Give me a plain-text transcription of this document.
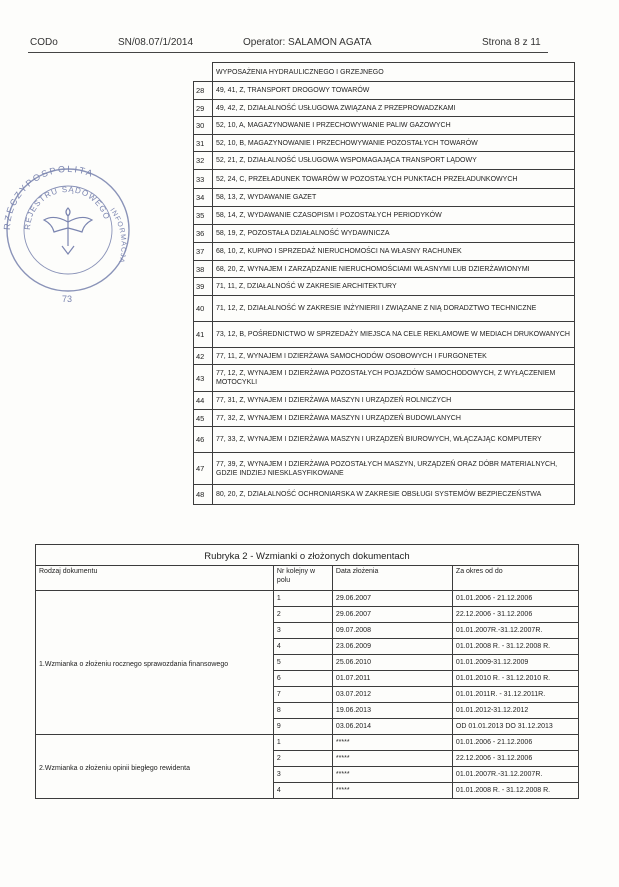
CODo	SN/08.07/1/2014	Operator: SALAMON AGATA	Strona 8 z 11
RZECZYPOSPOLITA
REJESTRU SĄDOWEGO
INFORMACJA
73
	WYPOSAŻENIA HYDRAULICZNEGO I GRZEJNEGO
28	49, 41, Z, TRANSPORT DROGOWY TOWARÓW
29	49, 42, Z, DZIAŁALNOŚĆ USŁUGOWA ZWIĄZANA Z PRZEPROWADZKAMI
30	52, 10, A, MAGAZYNOWANIE I PRZECHOWYWANIE PALIW GAZOWYCH
31	52, 10, B, MAGAZYNOWANIE I PRZECHOWYWANIE POZOSTAŁYCH TOWARÓW
32	52, 21, Z, DZIAŁALNOŚĆ USŁUGOWA WSPOMAGAJĄCA TRANSPORT LĄDOWY
33	52, 24, C, PRZEŁADUNEK TOWARÓW W POZOSTAŁYCH PUNKTACH PRZEŁADUNKOWYCH
34	58, 13, Z, WYDAWANIE GAZET
35	58, 14, Z, WYDAWANIE CZASOPISM I POZOSTAŁYCH PERIODYKÓW
36	58, 19, Z, POZOSTAŁA DZIAŁALNOŚĆ WYDAWNICZA
37	68, 10, Z, KUPNO I SPRZEDAŻ NIERUCHOMOŚCI NA WŁASNY RACHUNEK
38	68, 20, Z, WYNAJEM I ZARZĄDZANIE NIERUCHOMOŚCIAMI WŁASNYMI LUB DZIERŻAWIONYMI
39	71, 11, Z, DZIAŁALNOŚĆ W ZAKRESIE ARCHITEKTURY
40	71, 12, Z, DZIAŁALNOŚĆ W ZAKRESIE INŻYNIERII I ZWIĄZANE Z NIĄ DORADZTWO TECHNICZNE
41	73, 12, B, POŚREDNICTWO W SPRZEDAŻY MIEJSCA NA CELE REKLAMOWE W MEDIACH DRUKOWANYCH
42	77, 11, Z, WYNAJEM I DZIERŻAWA SAMOCHODÓW OSOBOWYCH I FURGONETEK
43	77, 12, Z, WYNAJEM I DZIERŻAWA POZOSTAŁYCH POJAZDÓW SAMOCHODOWYCH, Z WYŁĄCZENIEM MOTOCYKLI
44	77, 31, Z, WYNAJEM I DZIERŻAWA MASZYN I URZĄDZEŃ ROLNICZYCH
45	77, 32, Z, WYNAJEM I DZIERŻAWA MASZYN I URZĄDZEŃ BUDOWLANYCH
46	77, 33, Z, WYNAJEM I DZIERŻAWA MASZYN I URZĄDZEŃ BIUROWYCH, WŁĄCZAJĄC KOMPUTERY
47	77, 39, Z, WYNAJEM I DZIERŻAWA POZOSTAŁYCH MASZYN, URZĄDZEŃ ORAZ DÓBR MATERIALNYCH, GDZIE INDZIEJ NIESKLASYFIKOWANE
48	80, 20, Z, DZIAŁALNOŚĆ OCHRONIARSKA W ZAKRESIE OBSŁUGI SYSTEMÓW BEZPIECZEŃSTWA
Rubryka 2 - Wzmianki o złożonych dokumentach			
Rodzaj dokumentu	Nr kolejny w polu	Data złożenia	Za okres od do
1.Wzmianka o złożeniu rocznego sprawozdania finansowego	1	29.06.2007	01.01.2006 - 21.12.2006
	2	29.06.2007	22.12.2006 - 31.12.2006
	3	09.07.2008	01.01.2007R.-31.12.2007R.
	4	23.06.2009	01.01.2008 R. - 31.12.2008 R.
	5	25.06.2010	01.01.2009-31.12.2009
	6	01.07.2011	01.01.2010 R. - 31.12.2010 R.
	7	03.07.2012	01.01.2011R. - 31.12.2011R.
	8	19.06.2013	01.01.2012-31.12.2012
	9	03.06.2014	OD 01.01.2013 DO 31.12.2013
2.Wzmianka o złożeniu opinii biegłego rewidenta	1	*****	01.01.2006 - 21.12.2006
	2	*****	22.12.2006 - 31.12.2006
	3	*****	01.01.2007R.-31.12.2007R.
	4	*****	01.01.2008 R. - 31.12.2008 R.
